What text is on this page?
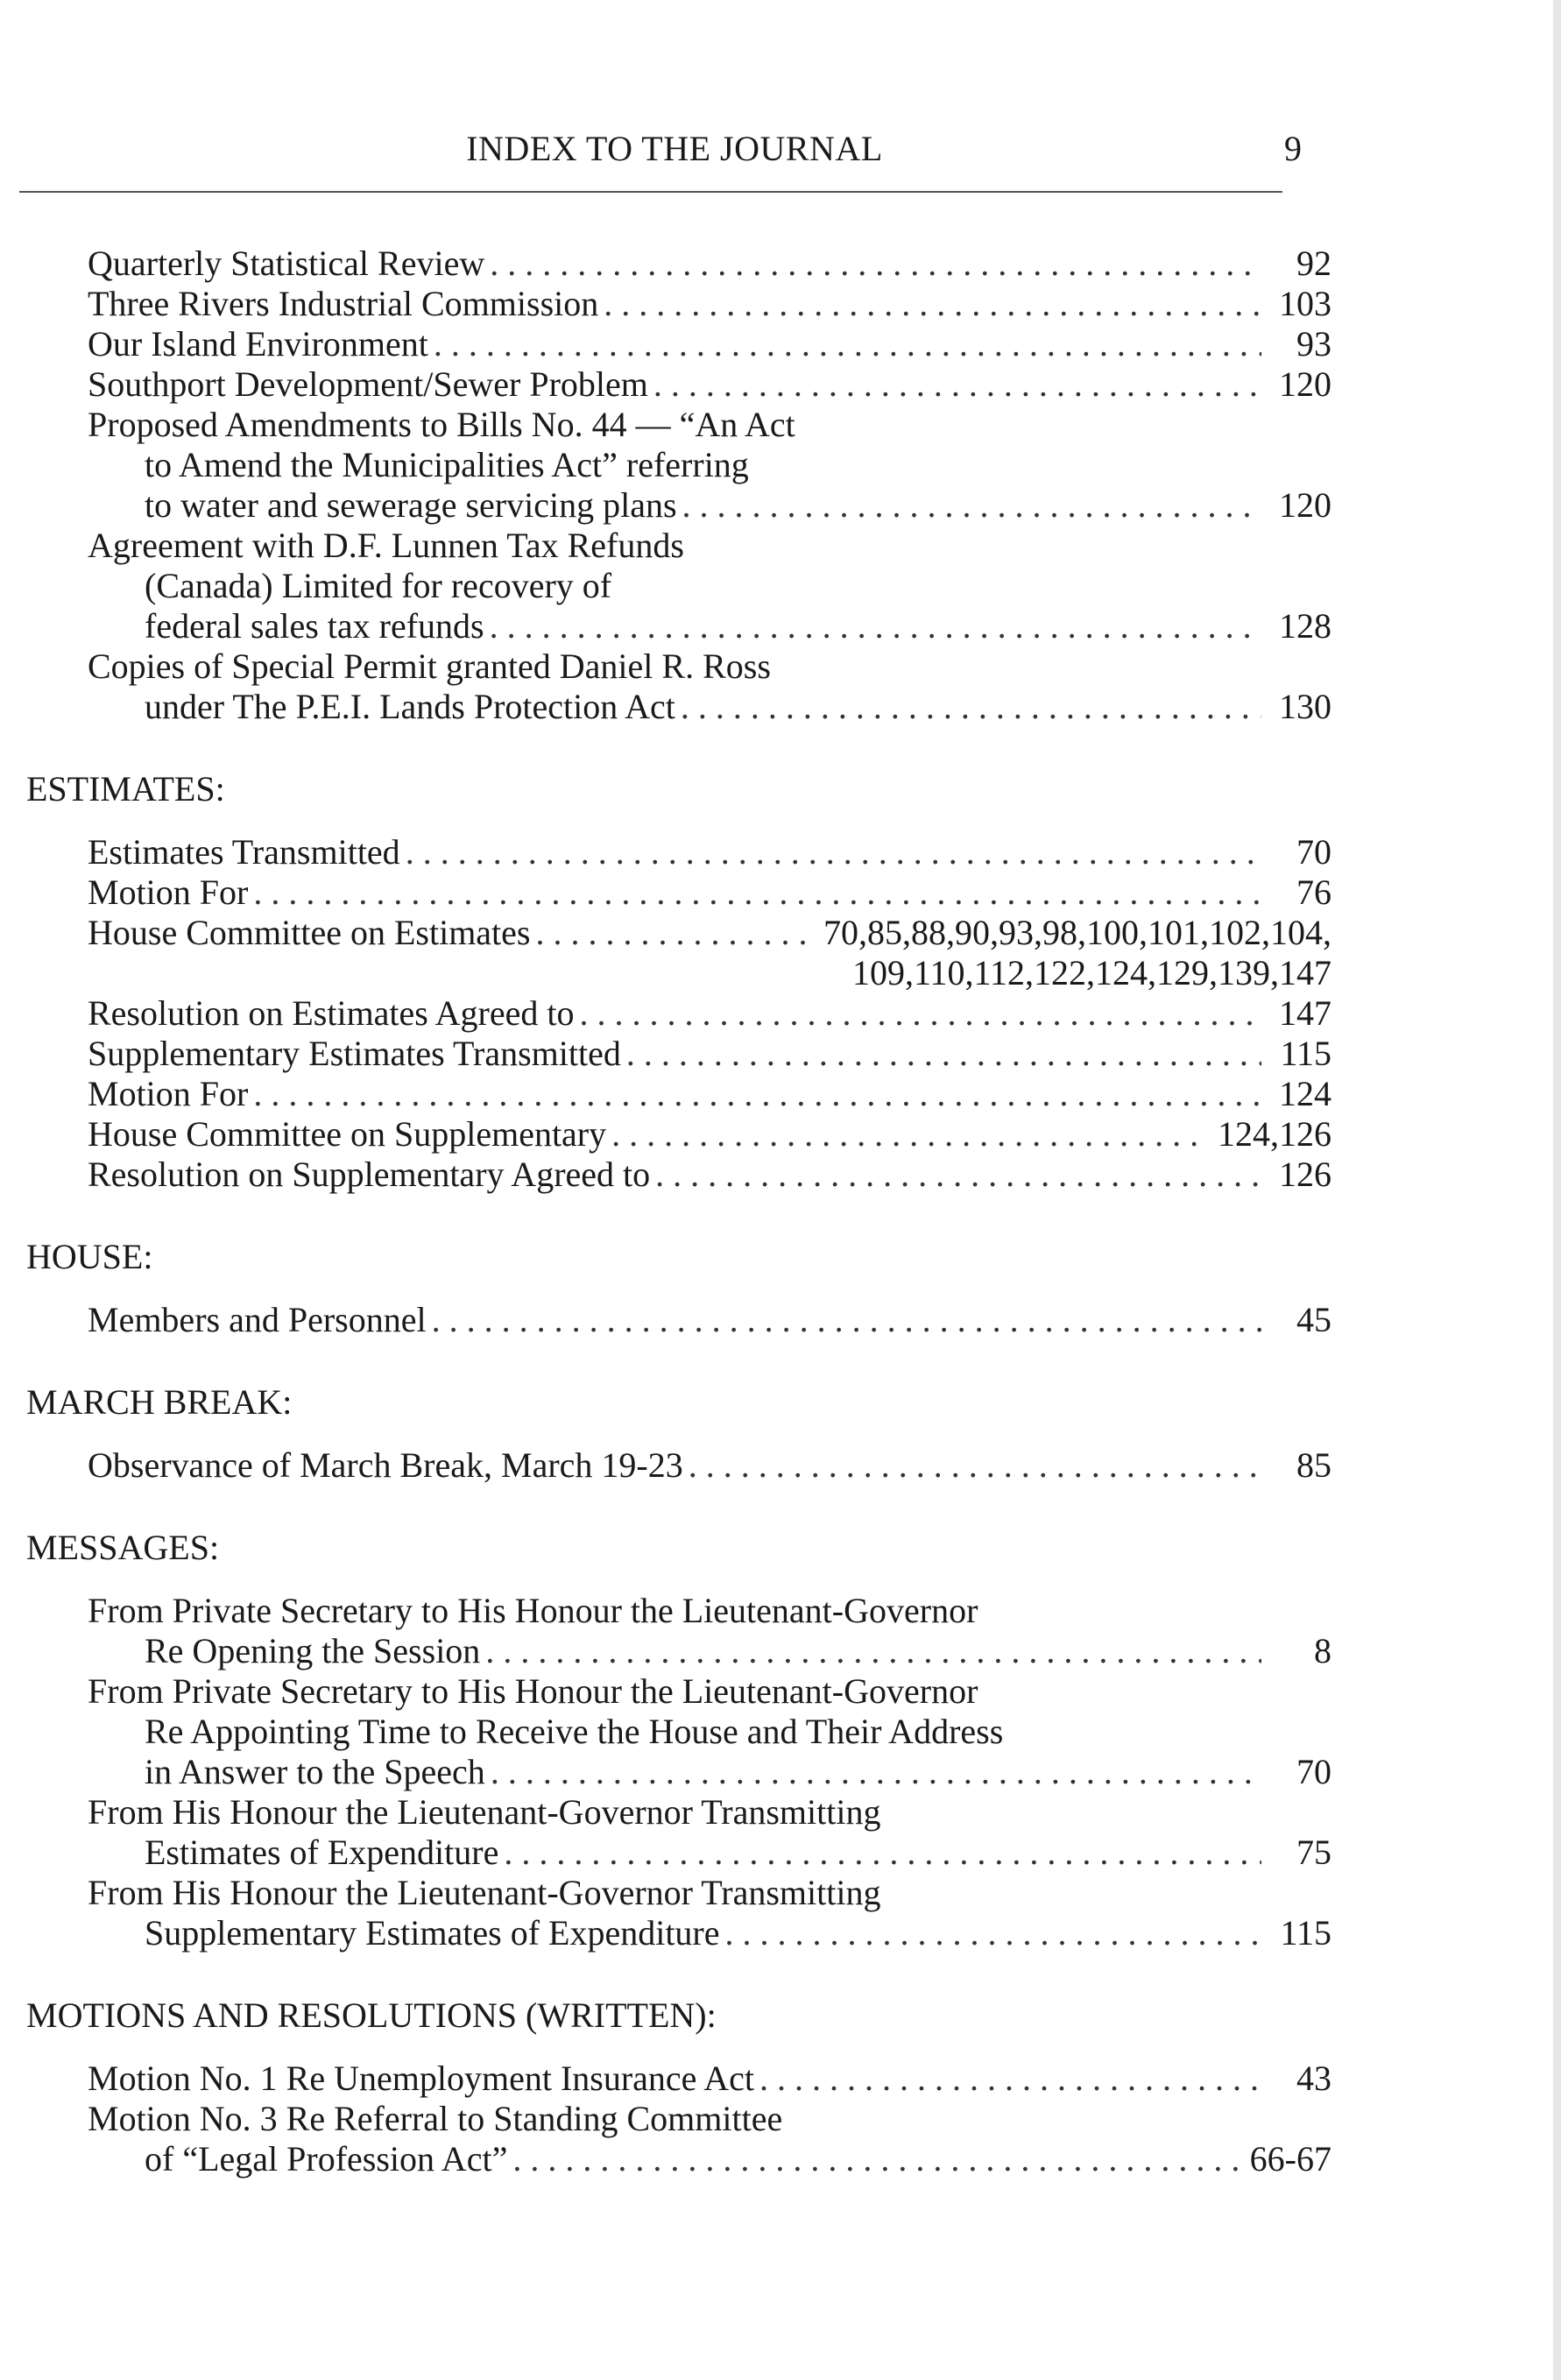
INDEX TO THE JOURNAL	9
Quarterly Statistical Review . . .	92
Three Rivers Industrial Commission . . .	103
Our Island Environment . . .	93
Southport Development/Sewer Problem . . .	120
Proposed Amendments to Bills No. 44 — “An Act
to Amend the Municipalities Act” referring
to water and sewerage servicing plans . . .	120
Agreement with D.F. Lunnen Tax Refunds
(Canada) Limited for recovery of
federal sales tax refunds . . .	128
Copies of Special Permit granted Daniel R. Ross
under The P.E.I. Lands Protection Act . . .	130
ESTIMATES:
Estimates Transmitted . . .	70
Motion For . . .	76
House Committee on Estimates . . .	70,85,88,90,93,98,100,101,102,104,
109,110,112,122,124,129,139,147
Resolution on Estimates Agreed to . . .	147
Supplementary Estimates Transmitted . . .	115
Motion For . . .	124
House Committee on Supplementary . . .	124,126
Resolution on Supplementary Agreed to . . .	126
HOUSE:
Members and Personnel . . .	45
MARCH BREAK:
Observance of March Break, March 19-23 . . .	85
MESSAGES:
From Private Secretary to His Honour the Lieutenant-Governor
Re Opening the Session . . .	8
From Private Secretary to His Honour the Lieutenant-Governor
Re Appointing Time to Receive the House and Their Address
in Answer to the Speech . . .	70
From His Honour the Lieutenant-Governor Transmitting
Estimates of Expenditure . . .	75
From His Honour the Lieutenant-Governor Transmitting
Supplementary Estimates of Expenditure . . .	115
MOTIONS AND RESOLUTIONS (WRITTEN):
Motion No. 1 Re Unemployment Insurance Act . . .	43
Motion No. 3 Re Referral to Standing Committee
of “Legal Profession Act” . . .	66-67
